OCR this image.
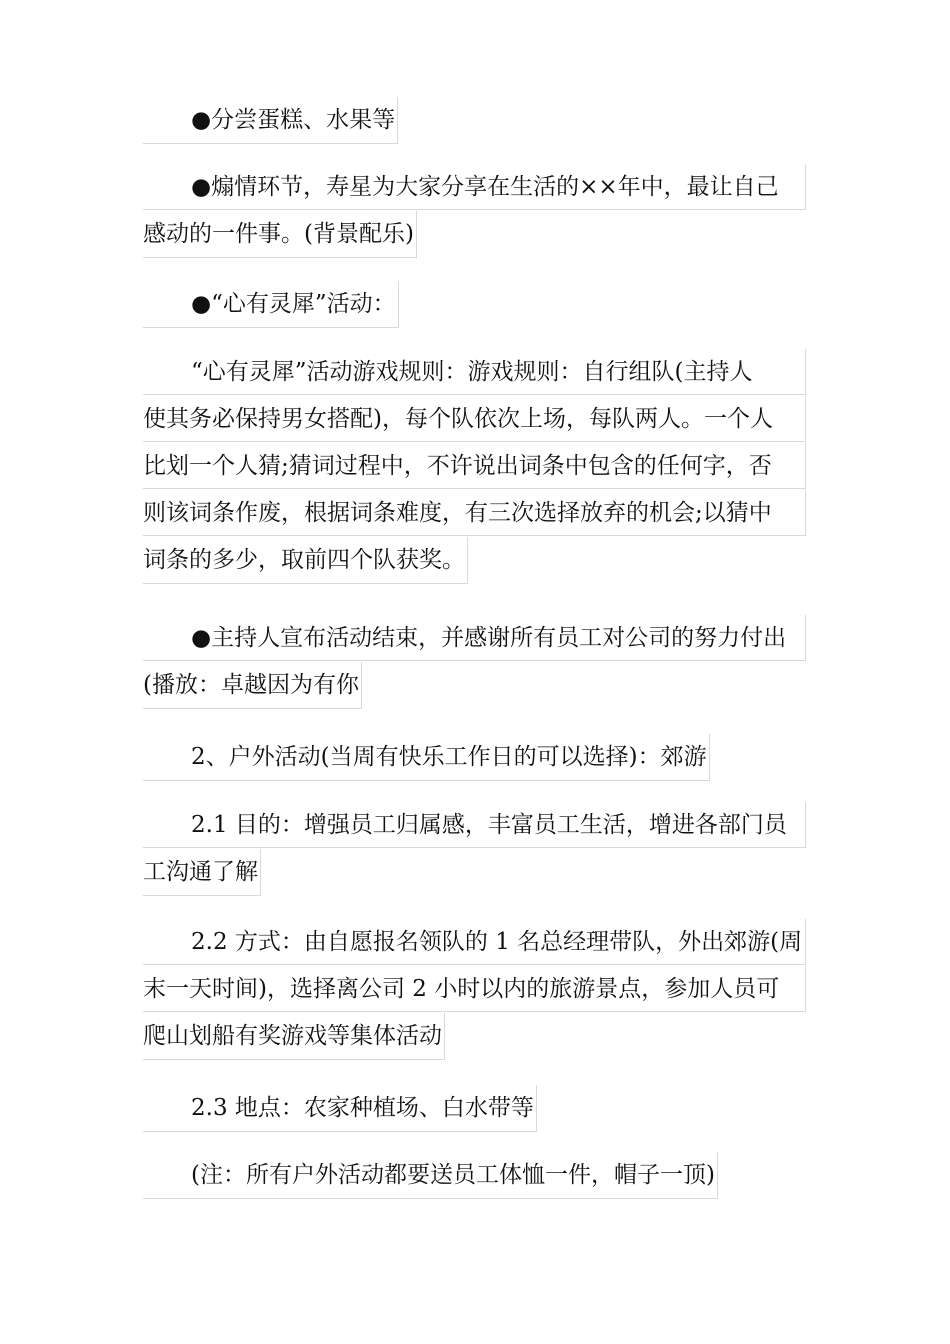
●分尝蛋糕、水果等
●煽情环节，寿星为大家分享在生活的××年中，最让自己
感动的一件事。(背景配乐)
●“心有灵犀”活动：
“心有灵犀”活动游戏规则：游戏规则：自行组队(主持人
使其务必保持男女搭配)，每个队依次上场，每队两人。一个人
比划一个人猜;猜词过程中，不许说出词条中包含的任何字，否
则该词条作废，根据词条难度，有三次选择放弃的机会;以猜中
词条的多少，取前四个队获奖。
●主持人宣布活动结束，并感谢所有员工对公司的努力付出
(播放：卓越因为有你
2、户外活动(当周有快乐工作日的可以选择)：郊游
2.1 目的：增强员工归属感，丰富员工生活，增进各部门员
工沟通了解
2.2 方式：由自愿报名领队的 1 名总经理带队，外出郊游(周
末一天时间)，选择离公司 2 小时以内的旅游景点，参加人员可
爬山划船有奖游戏等集体活动
2.3 地点：农家种植场、白水带等
(注：所有户外活动都要送员工体恤一件，帽子一顶)
